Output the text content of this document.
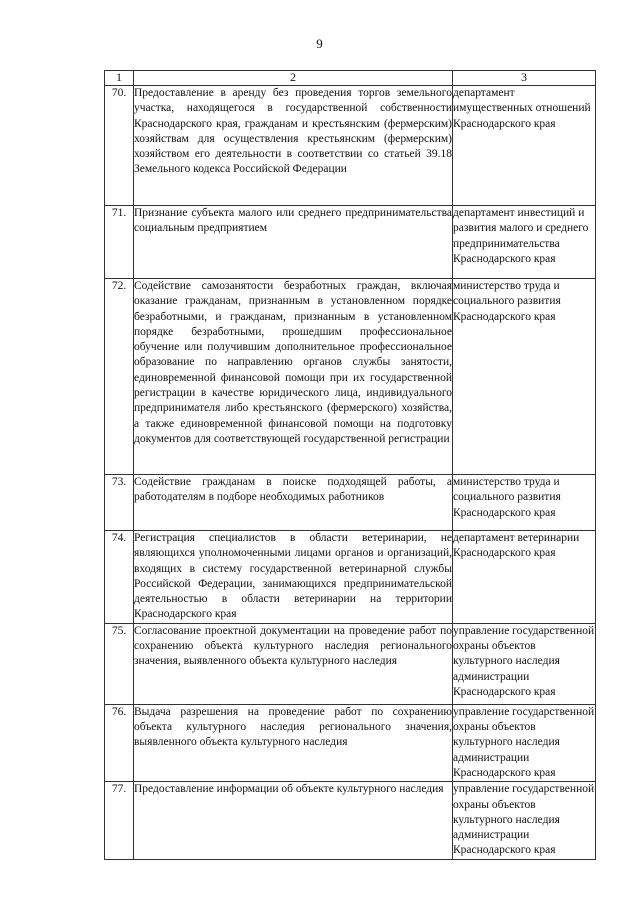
9
1	2	3
70.	Предоставление в аренду без проведения торгов земельного участка, находящегося в государственной собственности Краснодарского края, гражданам и крестьянским (фермерским) хозяйствам для осуществления крестьянским (фермерским) хозяйством его деятельности в соответствии со статьей 39.18 Земельного кодекса Российской Федерации	департамент имущественных отношений Краснодарского края
71.	Признание субъекта малого или среднего предпринимательства социальным предприятием	департамент инвестиций и развития малого и среднего предпринимательства Краснодарского края
72.	Содействие самозанятости безработных граждан, включая оказание гражданам, признанным в установленном порядке безработными, и гражданам, признанным в установленном порядке безработными, прошедшим профессиональное обучение или получившим дополнительное профессиональное образование по направлению органов службы занятости, единовременной финансовой помощи при их государственной регистрации в качестве юридического лица, индивидуального предпринимателя либо крестьянского (фермерского) хозяйства, а также единовременной финансовой помощи на подготовку документов для соответствующей государственной регистрации	министерство труда и социального развития Краснодарского края
73.	Содействие гражданам в поиске подходящей работы, а работодателям в подборе необходимых работников	министерство труда и социального развития Краснодарского края
74.	Регистрация специалистов в области ветеринарии, не являющихся уполномоченными лицами органов и организаций, входящих в систему государственной ветеринарной службы Российской Федерации, занимающихся предпринимательской деятельностью в области ветеринарии на территории Краснодарского края	департамент ветеринарии Краснодарского края
75.	Согласование проектной документации на проведение работ по сохранению объекта культурного наследия регионального значения, выявленного объекта культурного наследия	управление государственной охраны объектов культурного наследия администрации Краснодарского края
76.	Выдача разрешения на проведение работ по сохранению объекта культурного наследия регионального значения, выявленного объекта культурного наследия	управление государственной охраны объектов культурного наследия администрации Краснодарского края
77.	Предоставление информации об объекте культурного наследия	управление государственной охраны объектов культурного наследия администрации Краснодарского края
